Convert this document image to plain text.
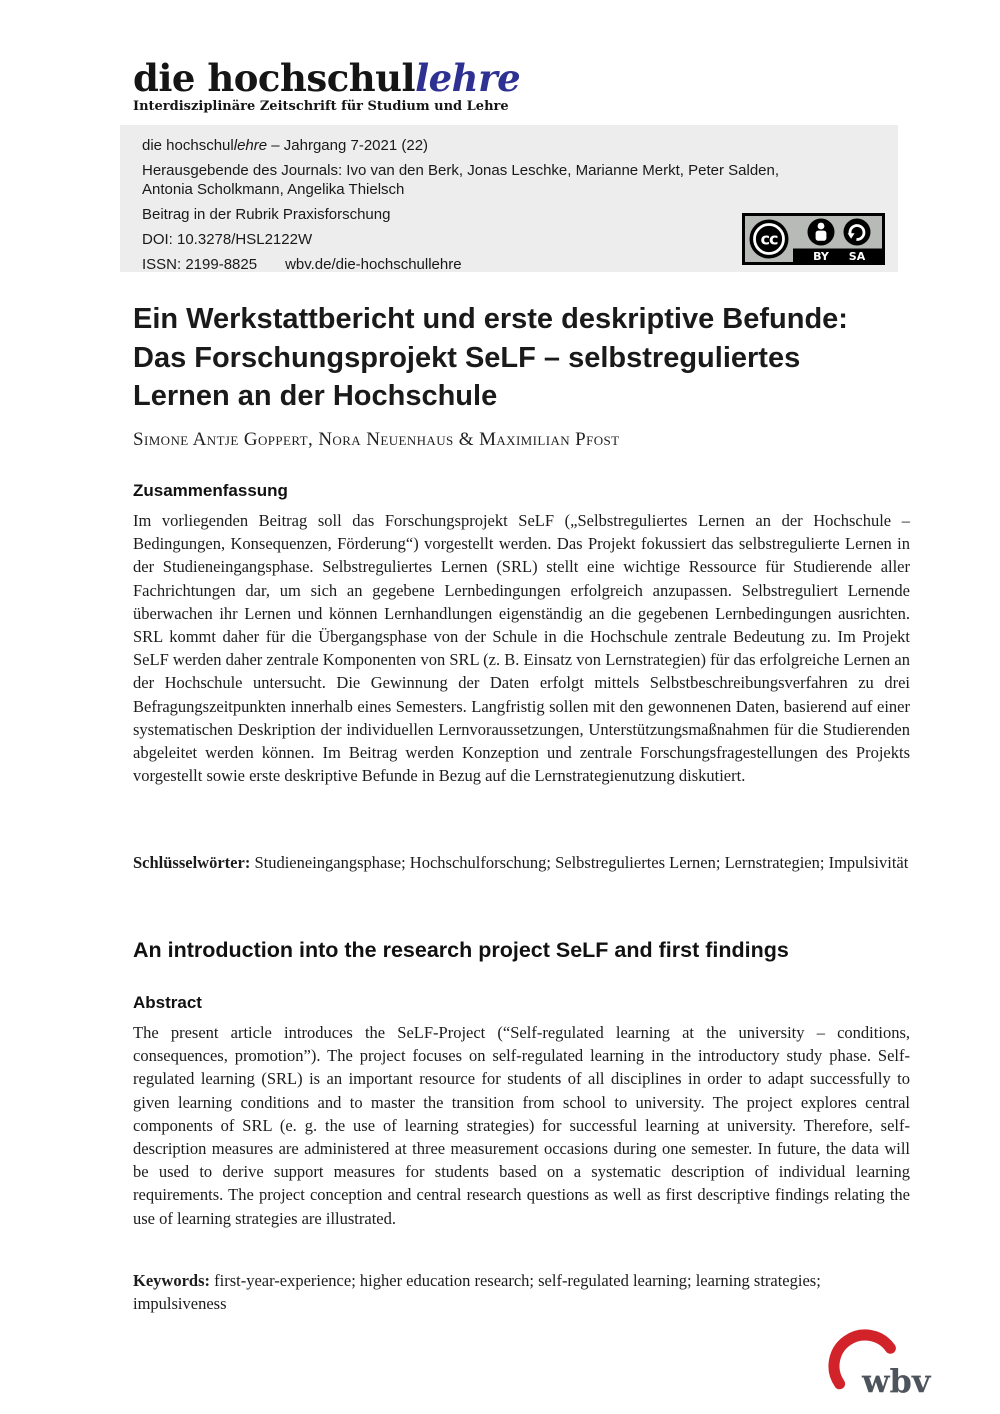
die hochschullehre
Interdisziplinäre Zeitschrift für Studium und Lehre

die hochschullehre – Jahrgang 7-2021 (22)

Herausgebende des Journals: Ivo van den Berk, Jonas Leschke, Marianne Merkt, Peter Salden, Antonia Scholkmann, Angelika Thielsch

Beitrag in der Rubrik Praxisforschung

DOI: 10.3278/HSL2122W

ISSN: 2199-8825 wbv.de/die-hochschullehre

cc
BY SA
Ein Werkstattbericht und erste deskriptive Befunde: Das Forschungsprojekt SeLF – selbstreguliertes Lernen an der Hochschule
Simone Antje Goppert, Nora Neuenhaus & Maximilian Pfost
Zusammenfassung

Im vorliegenden Beitrag soll das Forschungsprojekt SeLF („Selbstreguliertes Lernen an der Hochschule – Bedingungen, Konsequenzen, Förderung“) vorgestellt werden. Das Projekt fokussiert das selbstregulierte Lernen in der Studieneingangsphase. Selbstreguliertes Lernen (SRL) stellt eine wichtige Ressource für Studierende aller Fachrichtungen dar, um sich an gegebene Lernbedingungen erfolgreich anzupassen. Selbstreguliert Lernende überwachen ihr Lernen und können Lernhandlungen eigenständig an die gegebenen Lernbedingungen ausrichten. SRL kommt daher für die Übergangsphase von der Schule in die Hochschule zentrale Bedeutung zu. Im Projekt SeLF werden daher zentrale Komponenten von SRL (z. B. Einsatz von Lernstrategien) für das erfolgreiche Lernen an der Hochschule untersucht. Die Gewinnung der Daten erfolgt mittels Selbstbeschreibungsverfahren zu drei Befragungszeitpunkten innerhalb eines Semesters. Langfristig sollen mit den gewonnenen Daten, basierend auf einer systematischen Deskription der individuellen Lernvoraussetzungen, Unterstützungsmaßnahmen für die Studierenden abgeleitet werden können. Im Beitrag werden Konzeption und zentrale Forschungsfragestellungen des Projekts vorgestellt sowie erste deskriptive Befunde in Bezug auf die Lernstrategienutzung diskutiert.

Schlüsselwörter: Studieneingangsphase; Hochschulforschung; Selbstreguliertes Lernen; Lernstrategien; Impulsivität

An introduction into the research project SeLF and first findings
Abstract

The present article introduces the SeLF-Project (“Self-regulated learning at the university – conditions, consequences, promotion”). The project focuses on self-regulated learning in the introductory study phase. Self-regulated learning (SRL) is an important resource for students of all disciplines in order to adapt successfully to given learning conditions and to master the transition from school to university. The project explores central components of SRL (e. g. the use of learning strategies) for successful learning at university. Therefore, self-description measures are administered at three measurement occasions during one semester. In future, the data will be used to derive support measures for students based on a systematic description of individual learning requirements. The project conception and central research questions as well as first descriptive findings relating the use of learning strategies are illustrated.

Keywords: first-year-experience; higher education research; self-regulated learning; learning strategies; impulsiveness

wbv
